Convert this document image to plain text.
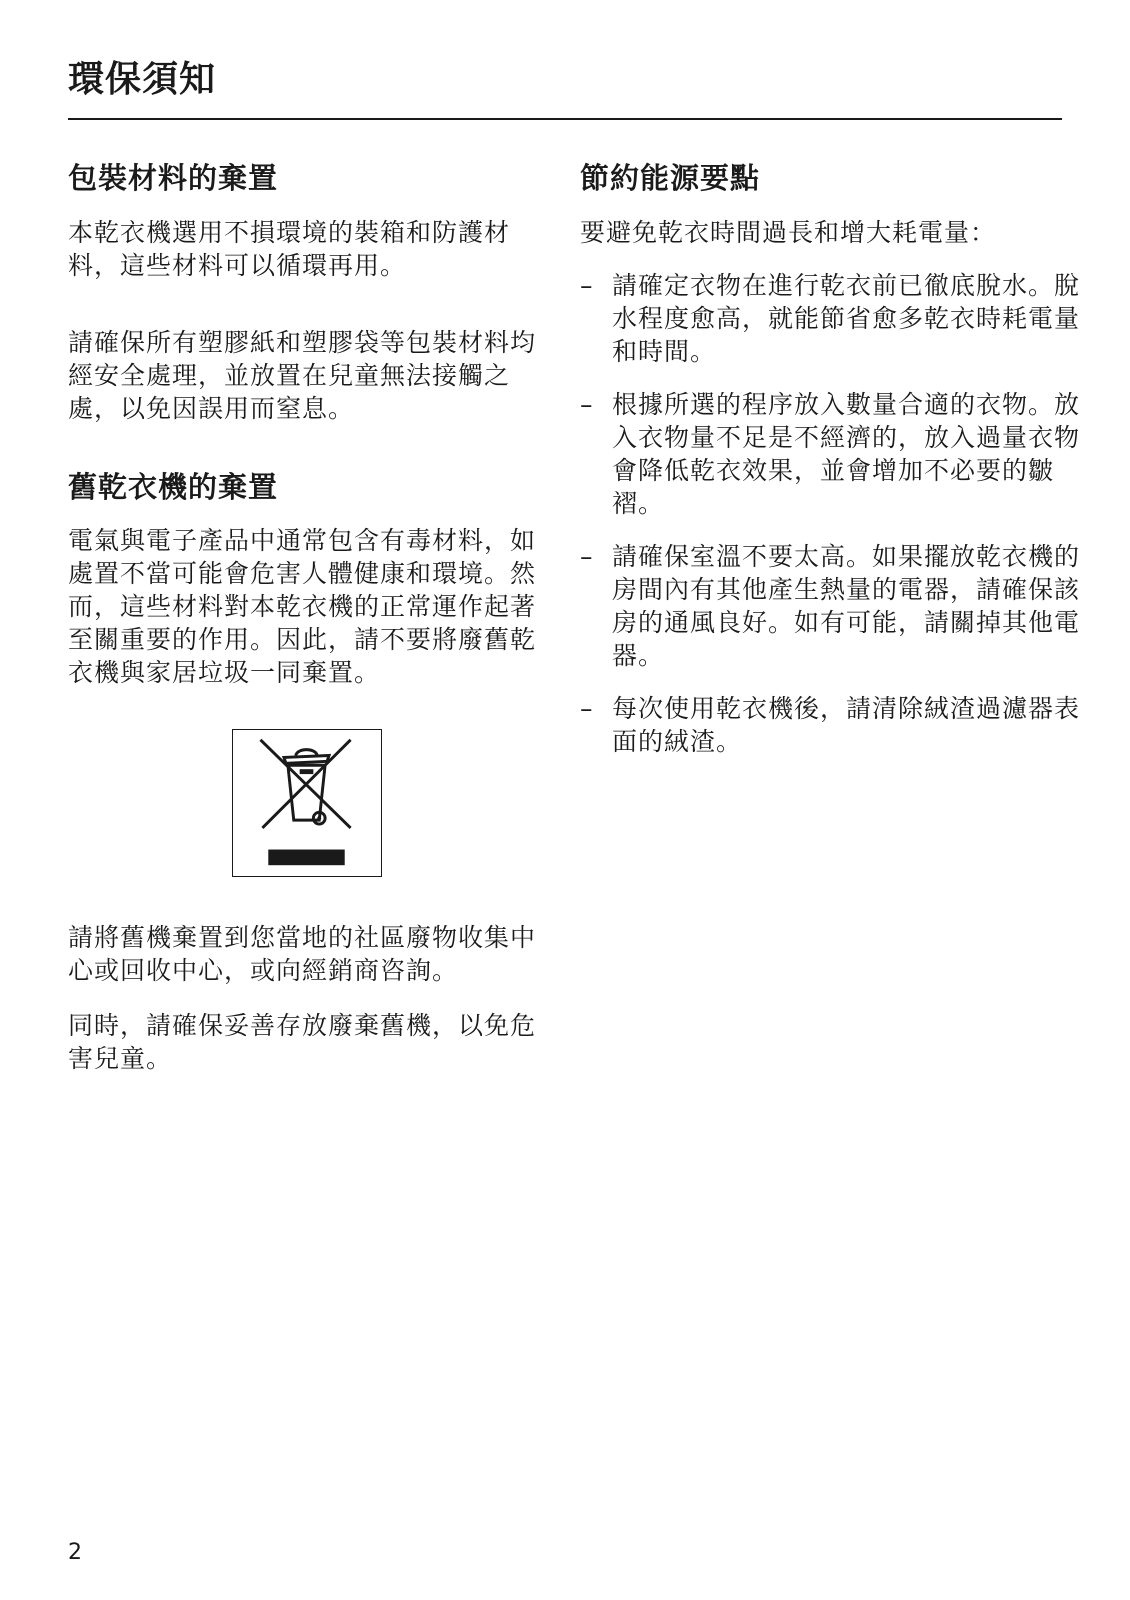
環保須知
包裝材料的棄置

本乾衣機選用不損環境的裝箱和防護材料，這些材料可以循環再用。

請確保所有塑膠紙和塑膠袋等包裝材料均經安全處理，並放置在兒童無法接觸之處，以免因誤用而窒息。

舊乾衣機的棄置

電氣與電子產品中通常包含有毒材料，如處置不當可能會危害人體健康和環境。然而，這些材料對本乾衣機的正常運作起著至關重要的作用。因此，請不要將廢舊乾衣機與家居垃圾一同棄置。

請將舊機棄置到您當地的社區廢物收集中心或回收中心，或向經銷商咨詢。

同時，請確保妥善存放廢棄舊機，以免危害兒童。

節約能源要點

要避免乾衣時間過長和增大耗電量：

– 請確定衣物在進行乾衣前已徹底脫水。脫水程度愈高，就能節省愈多乾衣時耗電量和時間。

– 根據所選的程序放入數量合適的衣物。放入衣物量不足是不經濟的，放入過量衣物會降低乾衣效果，並會增加不必要的皺褶。

– 請確保室溫不要太高。如果擺放乾衣機的房間內有其他產生熱量的電器，請確保該房的通風良好。如有可能，請關掉其他電器。

– 每次使用乾衣機後，請清除絨渣過濾器表面的絨渣。

2
